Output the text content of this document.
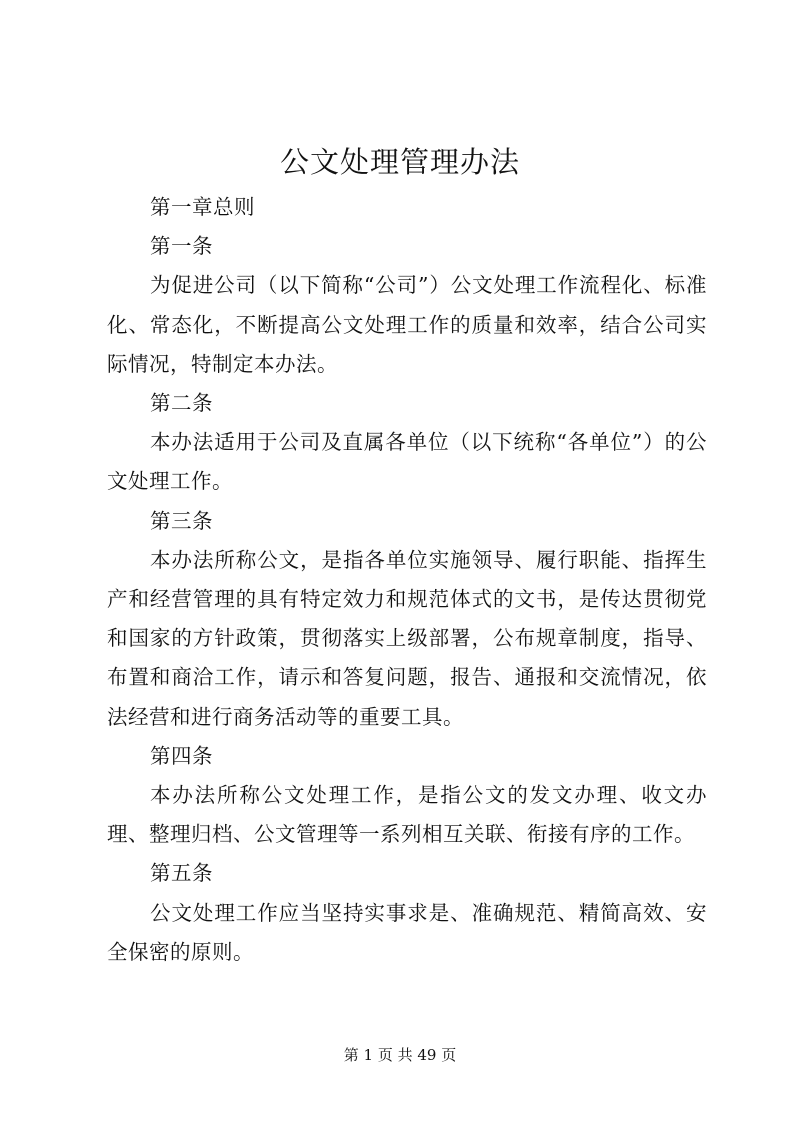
公文处理管理办法

第一章总则

第一条

为促进公司（以下简称“公司”）公文处理工作流程化、标准化、常态化，不断提高公文处理工作的质量和效率，结合公司实际情况，特制定本办法。

第二条

本办法适用于公司及直属各单位（以下统称“各单位”）的公文处理工作。

第三条

本办法所称公文，是指各单位实施领导、履行职能、指挥生产和经营管理的具有特定效力和规范体式的文书，是传达贯彻党和国家的方针政策，贯彻落实上级部署，公布规章制度，指导、布置和商洽工作，请示和答复问题，报告、通报和交流情况，依法经营和进行商务活动等的重要工具。

第四条

本办法所称公文处理工作，是指公文的发文办理、收文办理、整理归档、公文管理等一系列相互关联、衔接有序的工作。

第五条

公文处理工作应当坚持实事求是、准确规范、精简高效、安全保密的原则。

第 1 页 共 49 页
